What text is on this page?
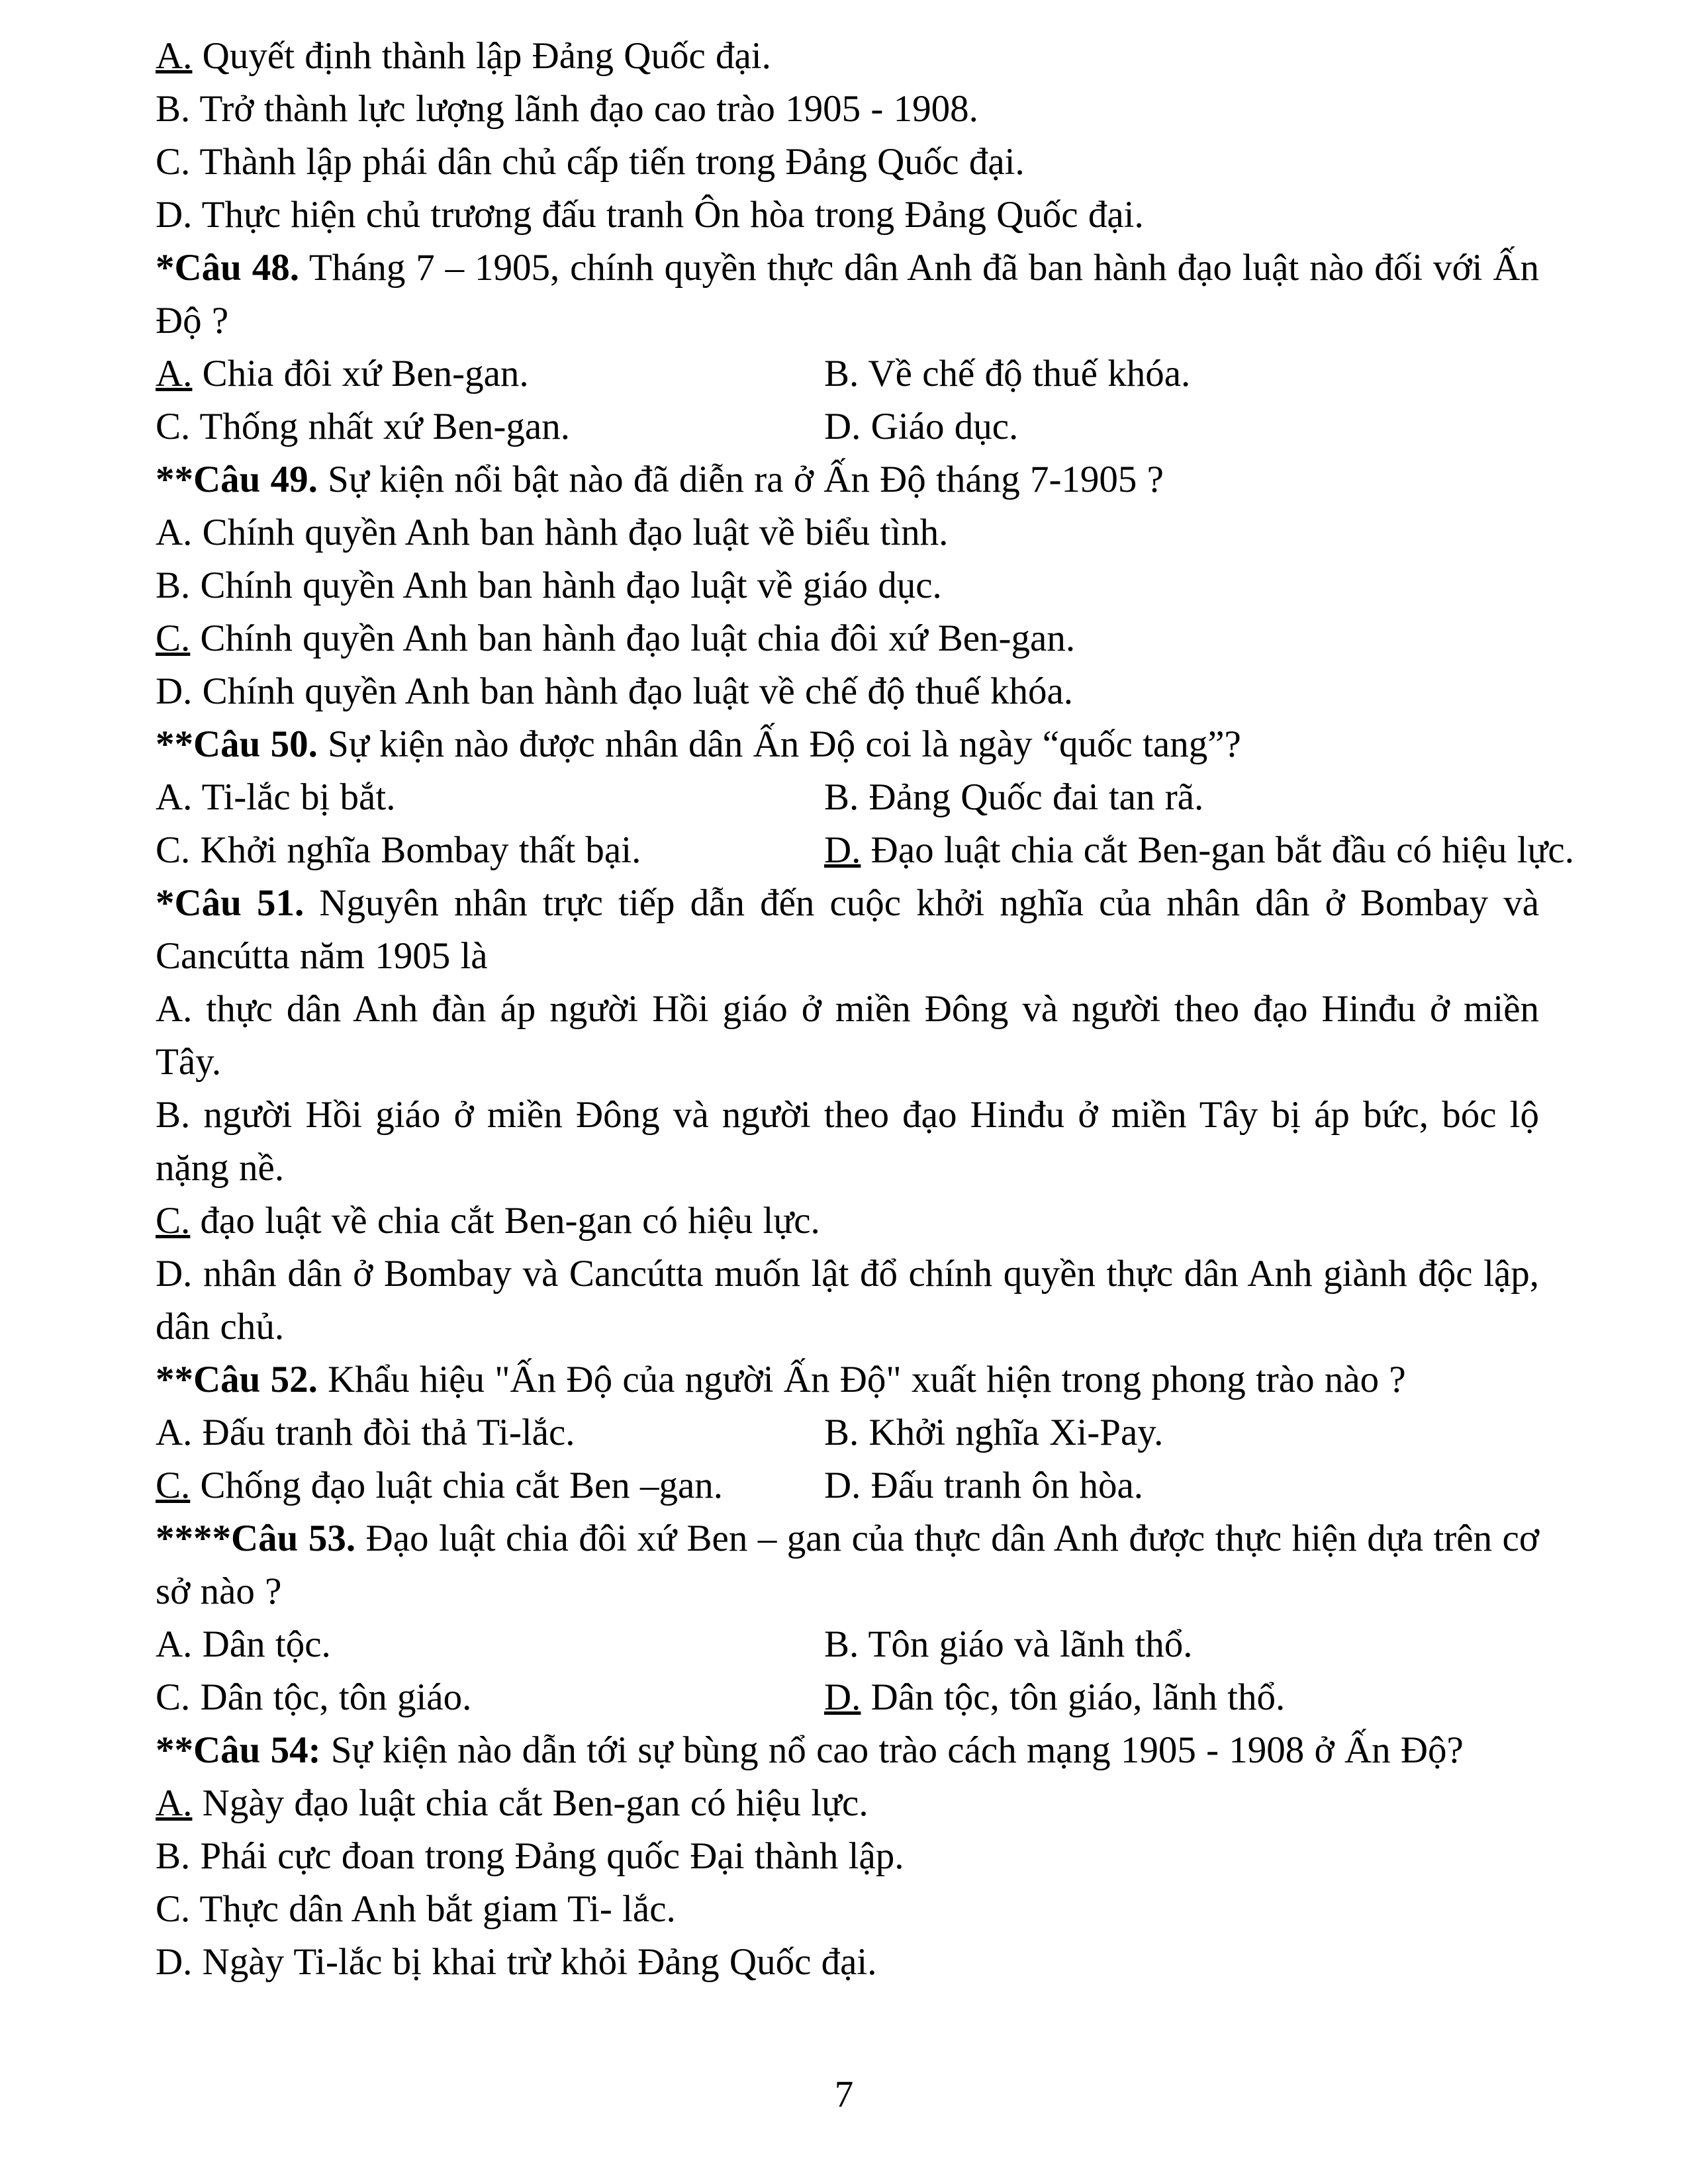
A. Quyết định thành lập Đảng Quốc đại.

B. Trở thành lực lượng lãnh đạo cao trào 1905 - 1908.

C. Thành lập phái dân chủ cấp tiến trong Đảng Quốc đại.

D. Thực hiện chủ trương đấu tranh Ôn hòa trong Đảng Quốc đại.

*Câu 48. Tháng 7 – 1905, chính quyền thực dân Anh đã ban hành đạo luật nào đối với Ấn Độ ?

A. Chia đôi xứ Ben-gan.	B. Về chế độ thuế khóa.

C. Thống nhất xứ Ben-gan.	D. Giáo dục.

**Câu 49. Sự kiện nổi bật nào đã diễn ra ở Ấn Độ tháng 7-1905 ?

A. Chính quyền Anh ban hành đạo luật về biểu tình.

B. Chính quyền Anh ban hành đạo luật về giáo dục.

C. Chính quyền Anh ban hành đạo luật chia đôi xứ Ben-gan.

D. Chính quyền Anh ban hành đạo luật về chế độ thuế khóa.

**Câu 50. Sự kiện nào được nhân dân Ấn Độ coi là ngày “quốc tang”?

A. Ti-lắc bị bắt.	B. Đảng Quốc đai tan rã.

C. Khởi nghĩa Bombay thất bại.	D. Đạo luật chia cắt Ben-gan bắt đầu có hiệu lực.

*Câu 51. Nguyên nhân trực tiếp dẫn đến cuộc khởi nghĩa của nhân dân ở Bombay và Cancútta năm 1905 là

A. thực dân Anh đàn áp người Hồi giáo ở miền Đông và người theo đạo Hinđu ở miền Tây.

B. người Hồi giáo ở miền Đông và người theo đạo Hinđu ở miền Tây bị áp bức, bóc lộ nặng nề.

C. đạo luật về chia cắt Ben-gan có hiệu lực.

D. nhân dân ở Bombay và Cancútta muốn lật đổ chính quyền thực dân Anh giành độc lập, dân chủ.

**Câu 52. Khẩu hiệu "Ấn Độ của người Ấn Độ" xuất hiện trong phong trào nào ?

A. Đấu tranh đòi thả Ti-lắc.	B. Khởi nghĩa Xi-Pay.

C. Chống đạo luật chia cắt Ben –gan.	D. Đấu tranh ôn hòa.

****Câu 53. Đạo luật chia đôi xứ Ben – gan của thực dân Anh được thực hiện dựa trên cơ sở nào ?

A. Dân tộc.	B. Tôn giáo và lãnh thổ.

C. Dân tộc, tôn giáo.	D. Dân tộc, tôn giáo, lãnh thổ.

**Câu 54: Sự kiện nào dẫn tới sự bùng nổ cao trào cách mạng 1905 - 1908 ở Ấn Độ?

A. Ngày đạo luật chia cắt Ben-gan có hiệu lực.

B. Phái cực đoan trong Đảng quốc Đại thành lập.

C. Thực dân Anh bắt giam Ti- lắc.

D. Ngày Ti-lắc bị khai trừ khỏi Đảng Quốc đại.

7
